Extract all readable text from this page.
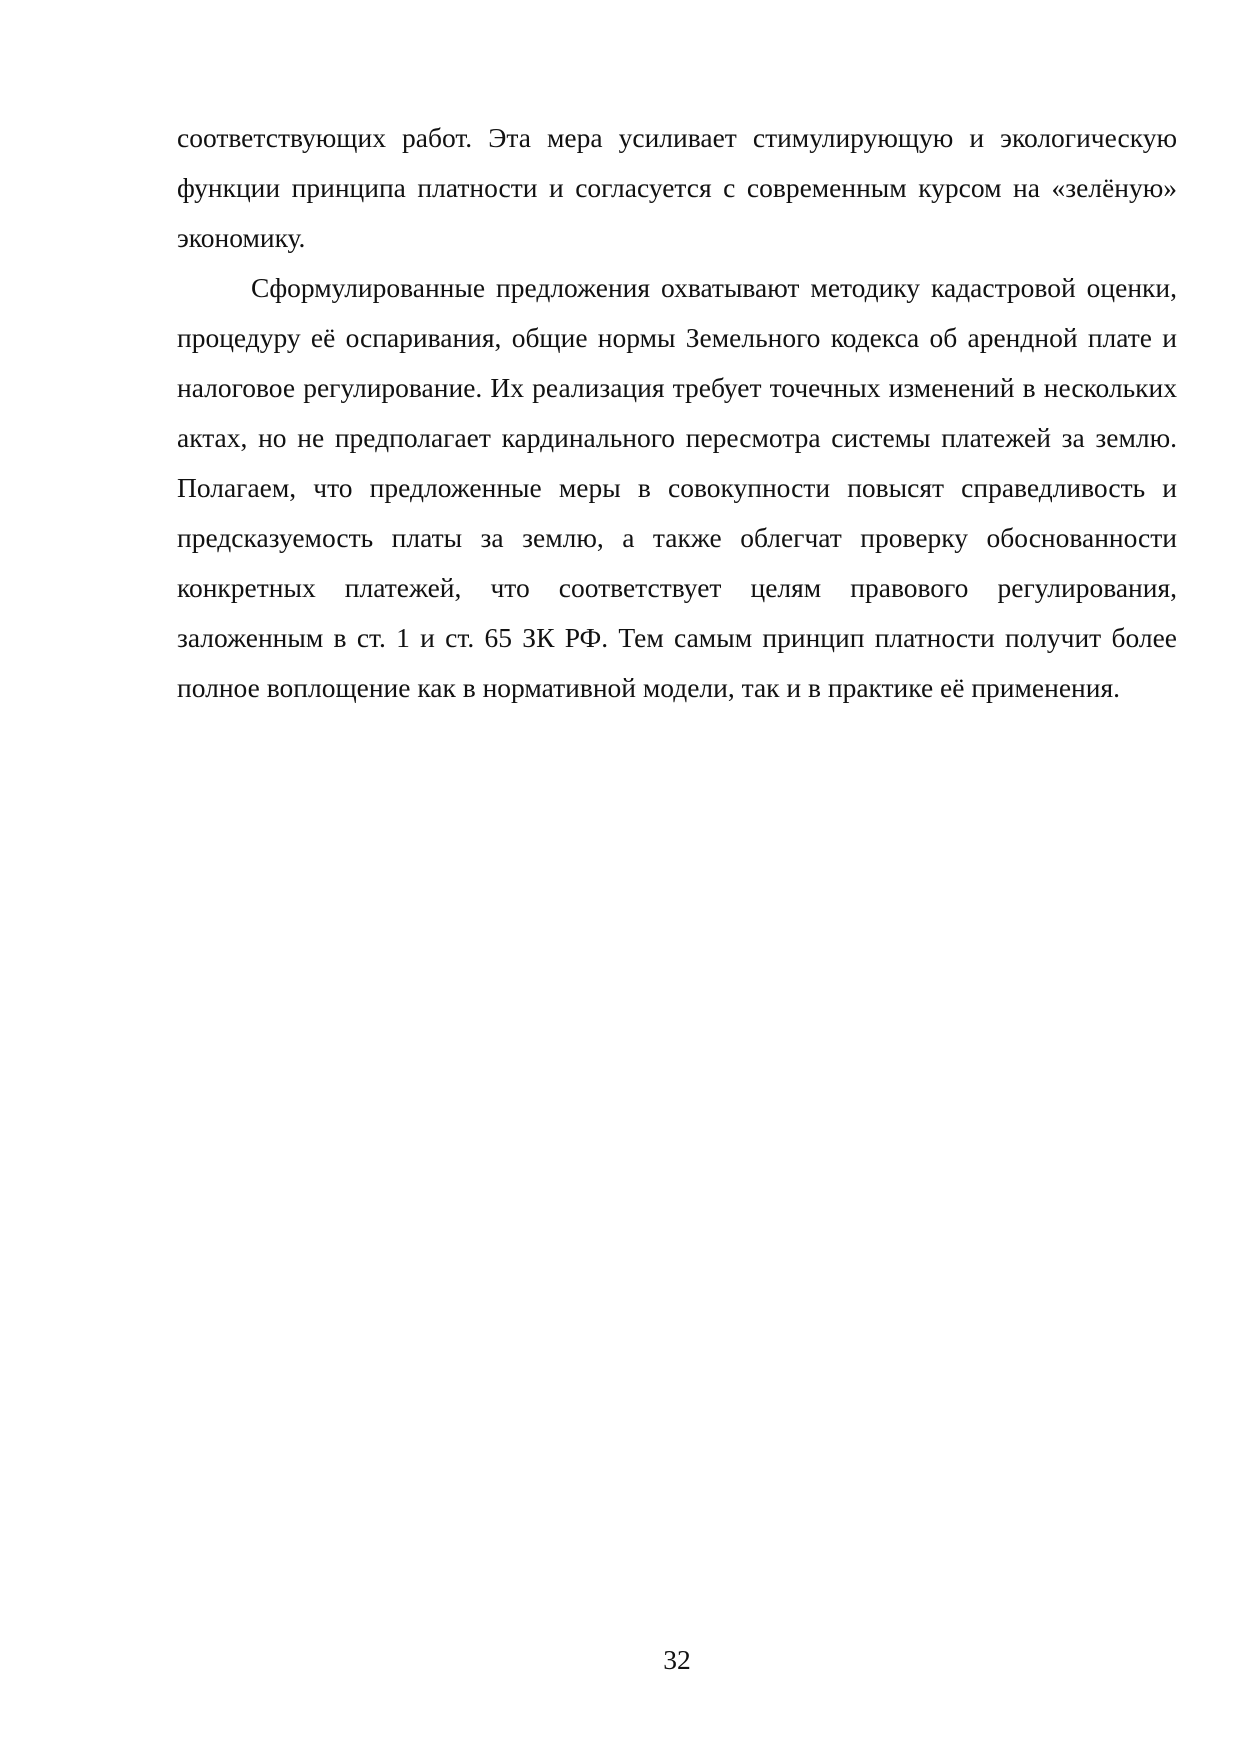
соответствующих работ. Эта мера усиливает стимулирующую и экологическую функции принципа платности и согласуется с современным курсом на «зелёную» экономику.

Сформулированные предложения охватывают методику кадастровой оценки, процедуру её оспаривания, общие нормы Земельного кодекса об арендной плате и налоговое регулирование. Их реализация требует точечных изменений в нескольких актах, но не предполагает кардинального пересмотра системы платежей за землю. Полагаем, что предложенные меры в совокупности повысят справедливость и предсказуемость платы за землю, а также облегчат проверку обоснованности конкретных платежей, что соответствует целям правового регулирования, заложенным в ст. 1 и ст. 65 ЗК РФ. Тем самым принцип платности получит более полное воплощение как в нормативной модели, так и в практике её применения.

32
